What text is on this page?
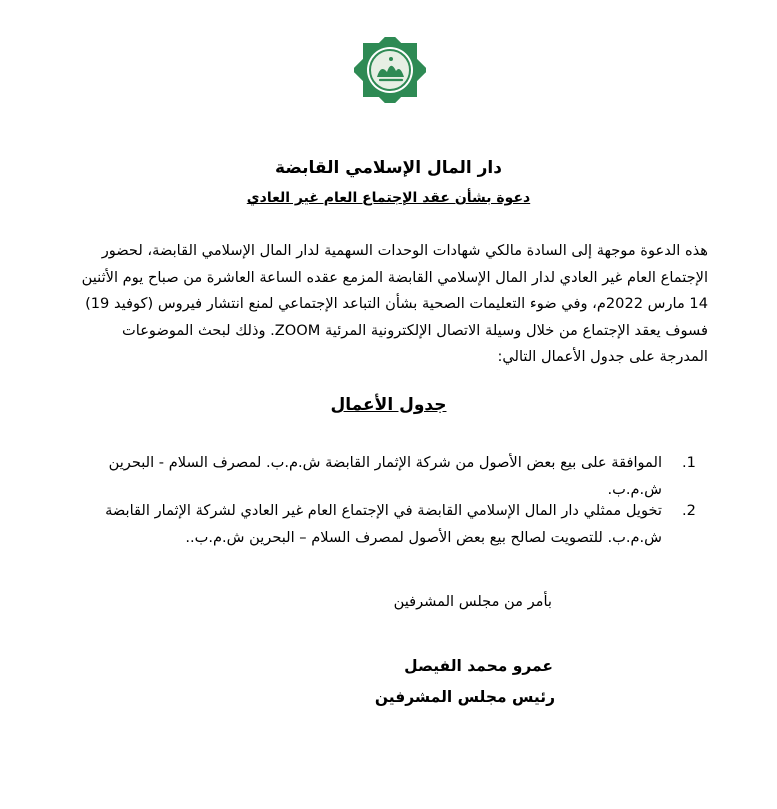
دار المال الإسلامي القابضة
دعوة بشأن عقد الإجتماع العام غير العادي
هذه الدعوة موجهة إلى السادة مالكي شهادات الوحدات السهمية لدار المال الإسلامي القابضة، لحضور
الإجتماع العام غير العادي لدار المال الإسلامي القابضة المزمع عقده الساعة العاشرة من صباح يوم الأثنين
14 مارس 2022م، وفي ضوء التعليمات الصحية بشأن التباعد الإجتماعي لمنع انتشار فيروس (كوفيد 19)
فسوف يعقد الإجتماع من خلال وسيلة الاتصال الإلكترونية المرئية ZOOM. وذلك لبحث الموضوعات
المدرجة على جدول الأعمال التالي:
جدول الأعمال
1.
الموافقة على بيع بعض الأصول من شركة الإثمار القابضة ش.م.ب. لمصرف السلام - البحرين
ش.م.ب.
2.
تخويل ممثلي دار المال الإسلامي القابضة في الإجتماع العام غير العادي لشركة الإثمار القابضة
ش.م.ب. للتصويت لصالح بيع بعض الأصول لمصرف السلام – البحرين ش.م.ب..
بأمر من مجلس المشرفين
عمرو محمد الفيصل
رئيس مجلس المشرفين
